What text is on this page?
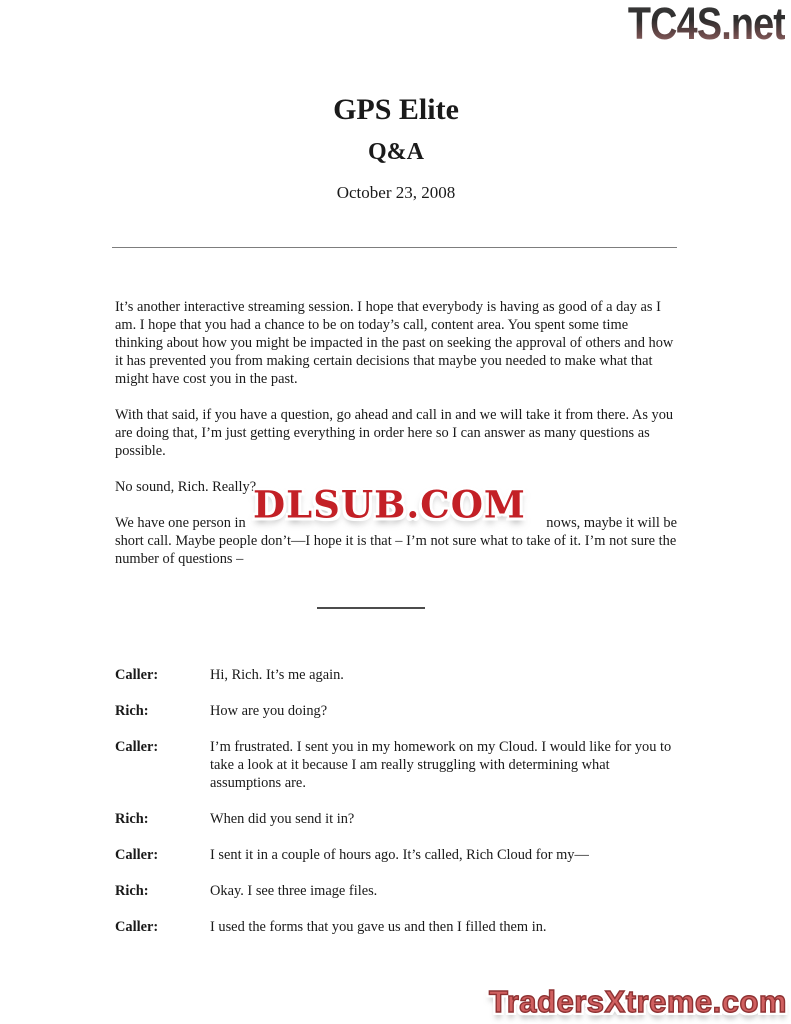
TC4S.net
GPS Elite
Q&A
October 23, 2008

It’s another interactive streaming session. I hope that everybody is having as good of a day as I am. I hope that you had a chance to be on today’s call, content area. You spent some time thinking about how you might be impacted in the past on seeking the approval of others and how it has prevented you from making certain decisions that maybe you needed to make what that might have cost you in the past.

With that said, if you have a question, go ahead and call in and we will take it from there. As you are doing that, I’m just getting everything in order here so I can answer as many questions as possible.

No sound, Rich. Really?

We have one person in	nows, maybe it will be
short call. Maybe people don’t—I hope it is that – I’m not sure what to take of it. I’m not sure the number of questions –
Caller:	Hi, Rich. It’s me again.
Rich:	How are you doing?
Caller:	I’m frustrated. I sent you in my homework on my Cloud. I would like for you to take a look at it because I am really struggling with determining what assumptions are.
Rich:	When did you send it in?
Caller:	I sent it in a couple of hours ago. It’s called, Rich Cloud for my—
Rich:	Okay. I see three image files.
Caller:	I used the forms that you gave us and then I filled them in.
DLSUB.COM
TradersXtreme.com
